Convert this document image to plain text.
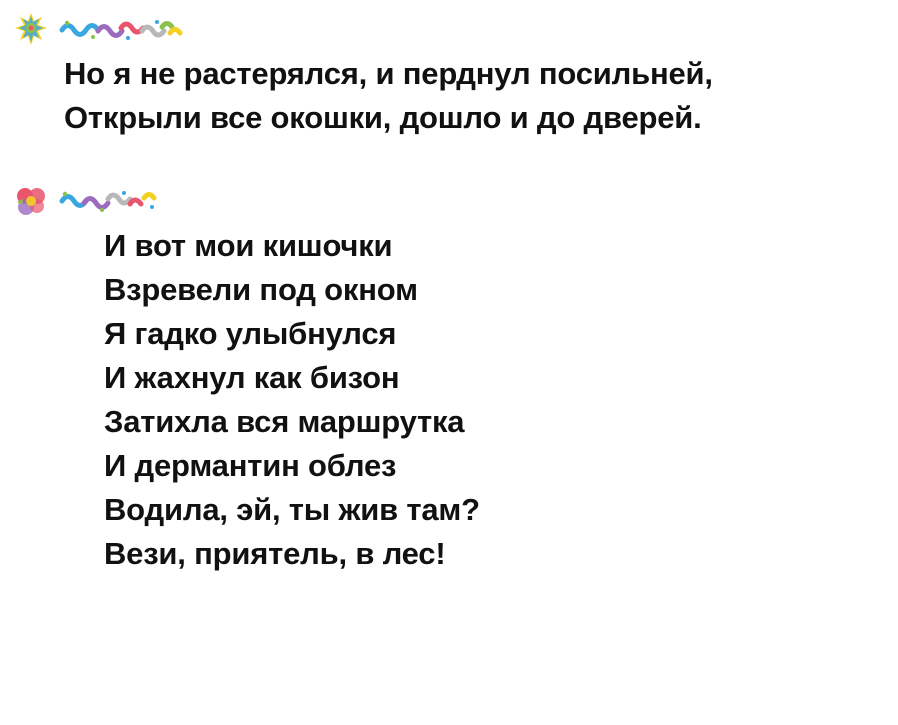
Но я не растерялся, и перднул посильней,
Открыли все окошки, дошло и до дверей.
И вот мои кишочки
Взревели под окном
Я гадко улыбнулся
И жахнул как бизон
Затихла вся маршрутка
И дермантин облез
Водила, эй, ты жив там?
Вези, приятель, в лес!
